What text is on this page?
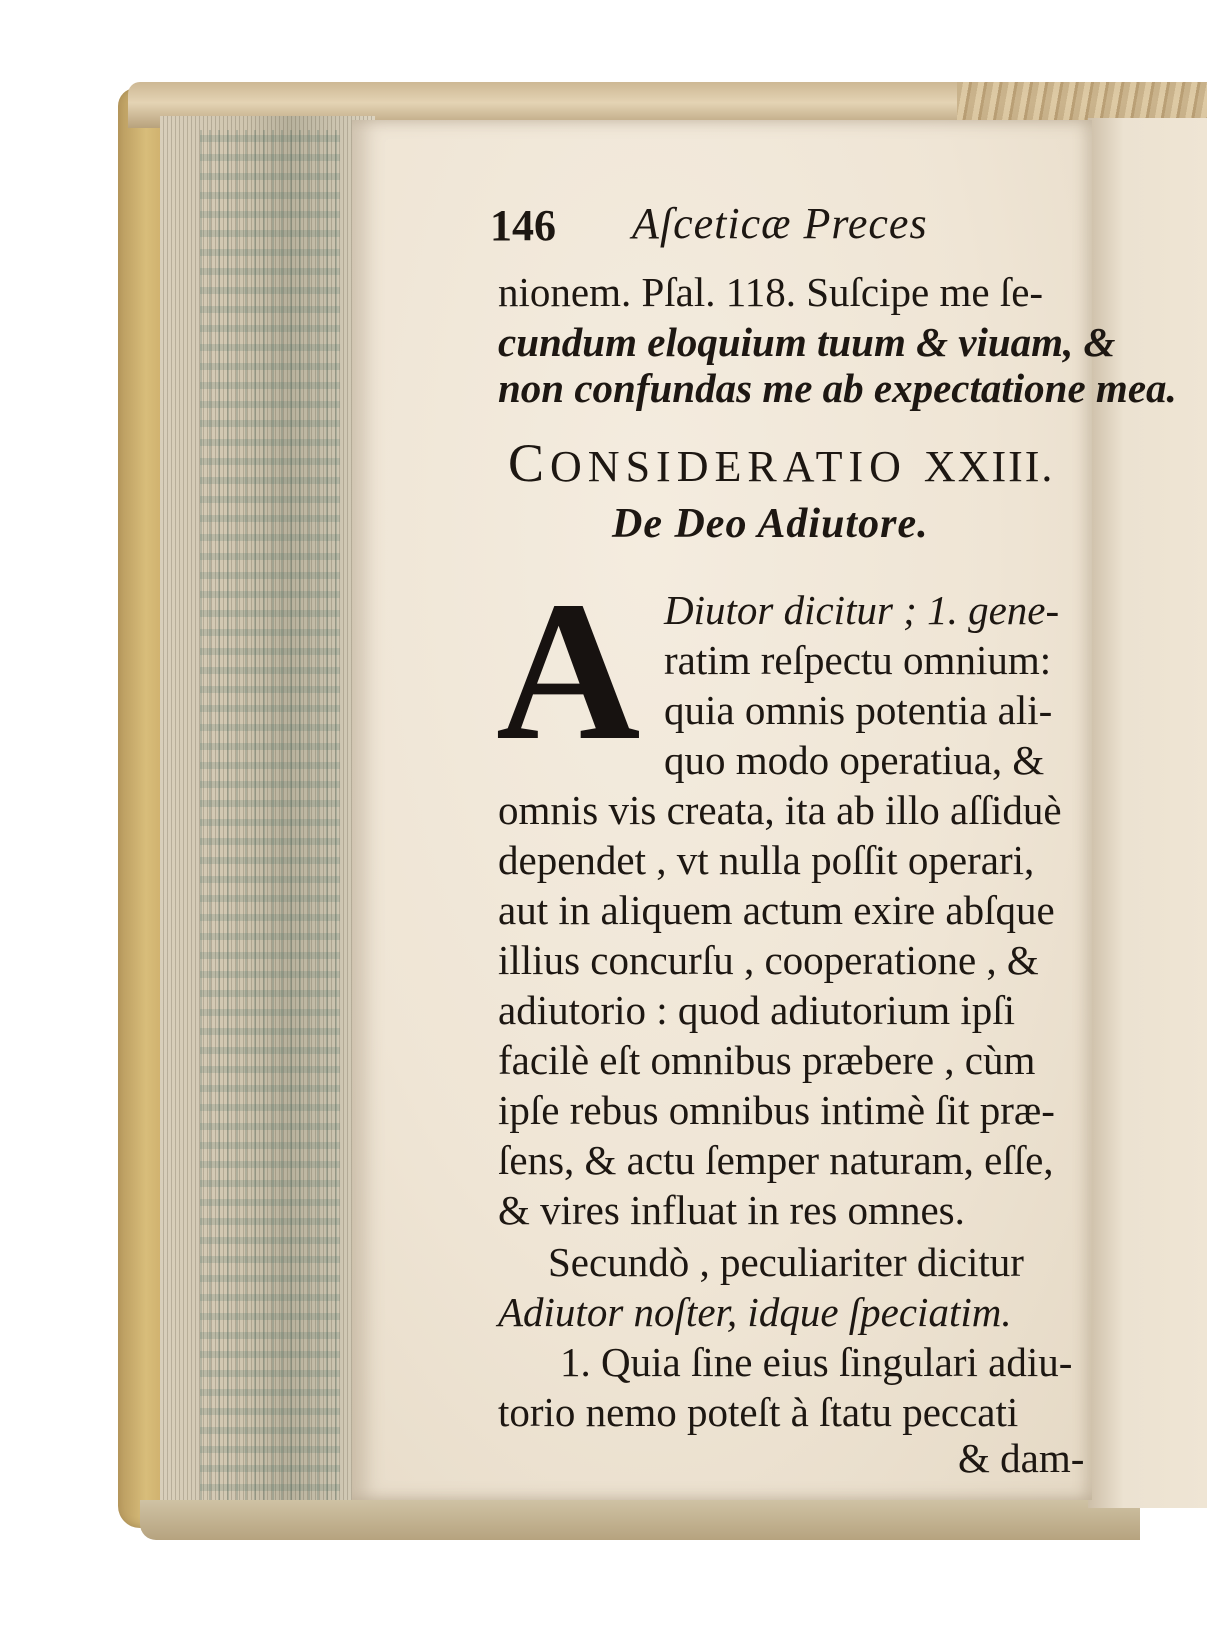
146 Aſceticæ Preces
nionem. Pſal. 118. Suſcipe me ſe-
cundum eloquium tuum & viuam, &
non confundas me ab expectatione mea.
CONSIDERATIO XXIII.
De Deo Adiutore.
A Diutor dicitur ; 1. gene-
ratim reſpectu omnium:
quia omnis potentia ali-
quo modo operatiua, &
omnis vis creata, ita ab illo aſſiduè
dependet , vt nulla poſſit operari,
aut in aliquem actum exire abſque
illius concurſu , cooperatione , &
adiutorio : quod adiutorium ipſi
facilè eſt omnibus præbere , cùm
ipſe rebus omnibus intimè ſit præ-
ſens, & actu ſemper naturam, eſſe,
& vires influat in res omnes.
Secundò , peculiariter dicitur
Adiutor noſter, idque ſpeciatim.
1. Quia ſine eius ſingulari adiu-
torio nemo poteſt à ſtatu peccati
& dam-
